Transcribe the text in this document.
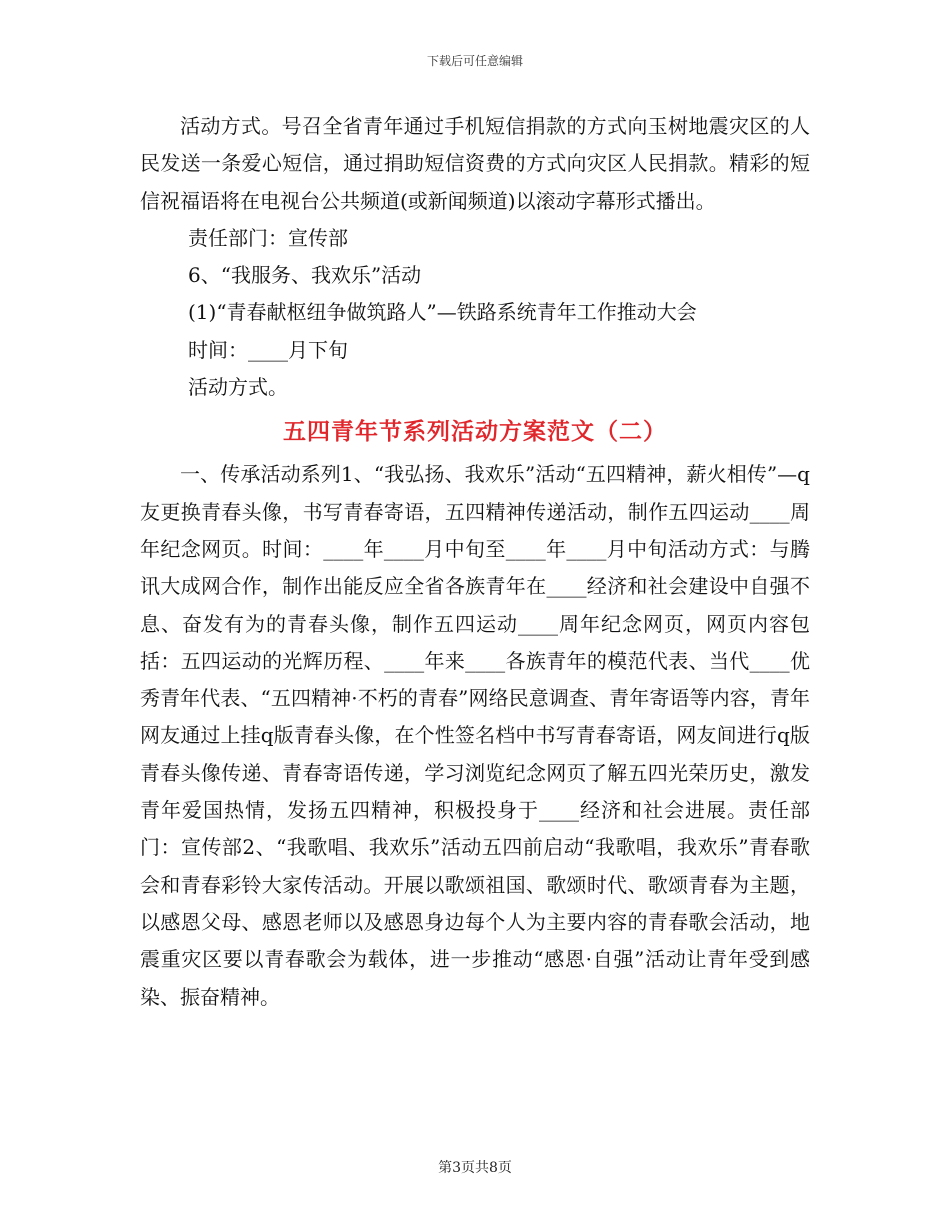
下载后可任意编辑

活动方式。号召全省青年通过手机短信捐款的方式向玉树地震灾区的人民发送一条爱心短信，通过捐助短信资费的方式向灾区人民捐款。精彩的短信祝福语将在电视台公共频道(或新闻频道)以滚动字幕形式播出。

责任部门：宣传部

6、“我服务、我欢乐”活动

(1)“青春献枢纽争做筑路人”—铁路系统青年工作推动大会

时间：____月下旬

活动方式。

五四青年节系列活动方案范文（二）

一、传承活动系列1、“我弘扬、我欢乐”活动“五四精神，薪火相传”—q友更换青春头像，书写青春寄语，五四精神传递活动，制作五四运动____周年纪念网页。时间：____年____月中旬至____年____月中旬活动方式：与腾讯大成网合作，制作出能反应全省各族青年在____经济和社会建设中自强不息、奋发有为的青春头像，制作五四运动____周年纪念网页，网页内容包括：五四运动的光辉历程、____年来____各族青年的模范代表、当代____优秀青年代表、“五四精神·不朽的青春”网络民意调查、青年寄语等内容，青年网友通过上挂q版青春头像，在个性签名档中书写青春寄语，网友间进行q版青春头像传递、青春寄语传递，学习浏览纪念网页了解五四光荣历史，激发青年爱国热情，发扬五四精神，积极投身于____经济和社会进展。责任部门：宣传部2、“我歌唱、我欢乐”活动五四前启动“我歌唱，我欢乐”青春歌会和青春彩铃大家传活动。开展以歌颂祖国、歌颂时代、歌颂青春为主题，以感恩父母、感恩老师以及感恩身边每个人为主要内容的青春歌会活动，地震重灾区要以青春歌会为载体，进一步推动“感恩·自强”活动让青年受到感染、振奋精神。

第3页共8页
